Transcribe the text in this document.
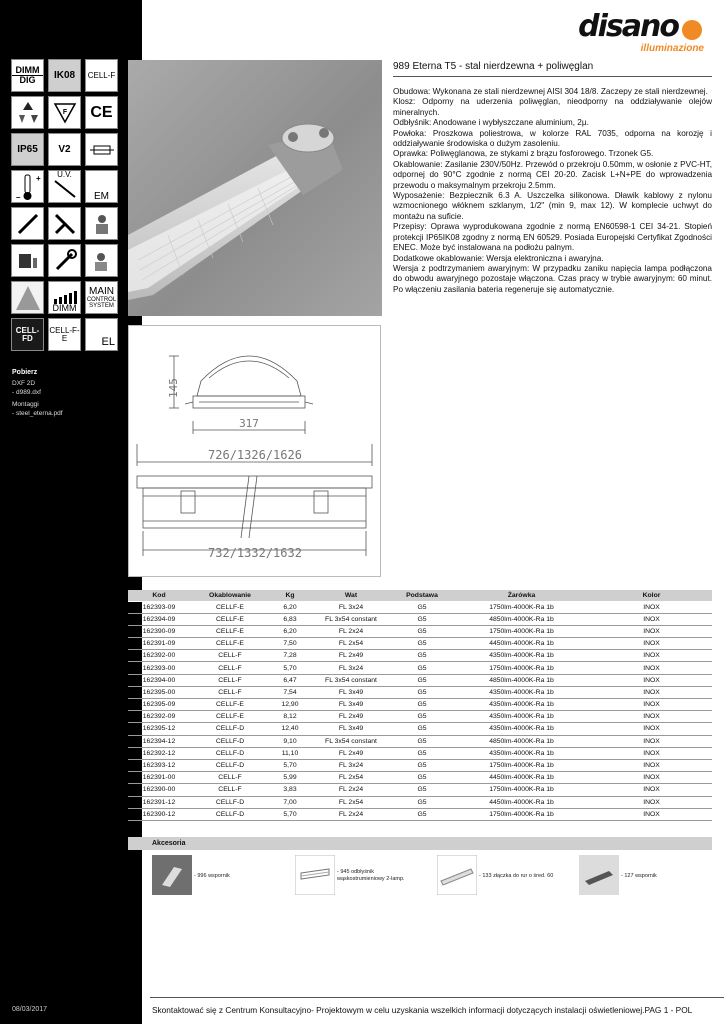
DIMM
DIG	IK08 CELL-F
F CE
IP65 V2
+
–
U.V.
EM
DIMM
MAIN
CONTROL
SYSTEM
CELL-FD
CELL-F-E	EL
Pobierz
DXF 2D
- d989.dxf
Montaggi
- steel_eterna.pdf
08/03/2017
disano
illuminazione
989 Eterna T5 - stal nierdzewna + poliwęglan

Obudowa: Wykonana ze stali nierdzewnej AISI 304 18/8. Zaczepy ze stali nierdzewnej.

Klosz: Odporny na uderzenia poliwęglan, nieodporny na oddziaływanie olejów mineralnych.

Odbłyśnik: Anodowane i wybłyszczane aluminium, 2µ.

Powłoka: Proszkowa poliestrowa, w kolorze RAL 7035, odporna na korozję i oddziaływanie środowiska o dużym zasoleniu.

Oprawka: Poliwęglanowa, ze stykami z brązu fosforowego. Trzonek G5.

Okablowanie: Zasilanie 230V/50Hz. Przewód o przekroju 0.50mm, w osłonie z PVC-HT, odpornej do 90°C zgodnie z normą CEI 20-20. Zacisk L+N+PE do wprowadzenia przewodu o maksymalnym przekroju 2.5mm.

Wyposażenie: Bezpiecznik 6.3 A. Uszczelka silikonowa. Dławik kablowy z nylonu wzmocnionego włóknem szklanym, 1/2" (min 9, max 12). W komplecie uchwyt do montażu na suficie.

Przepisy: Oprawa wyprodukowana zgodnie z normą EN60598-1 CEI 34-21. Stopień protekcji IP65IK08 zgodny z normą EN 60529. Posiada Europejski Certyfikat Zgodności ENEC. Może być instalowana na podłożu palnym.

Dodatkowe okablowanie: Wersja elektroniczna i awaryjna.

Wersja z podtrzymaniem awaryjnym: W przypadku zaniku napięcia lampa podłączona do obwodu awaryjnego pozostaje włączona. Czas pracy w trybie awaryjnym: 60 minut. Po włączeniu zasilania bateria regeneruje się automatycznie.

145
317
726/1326/1626
732/1332/1632
Kod	Okablowanie	Kg	Wat	Podstawa	Żarówka	Kolor
162393-09	CELLF-E	6,20	FL 3x24	G5	1750lm-4000K-Ra 1b	INOX
162394-09	CELLF-E	6,83	FL 3x54 constant	G5	4850lm-4000K-Ra 1b	INOX
162390-09	CELLF-E	6,20	FL 2x24	G5	1750lm-4000K-Ra 1b	INOX
162391-09	CELLF-E	7,50	FL 2x54	G5	4450lm-4000K-Ra 1b	INOX
162392-00	CELL-F	7,28	FL 2x49	G5	4350lm-4000K-Ra 1b	INOX
162393-00	CELL-F	5,70	FL 3x24	G5	1750lm-4000K-Ra 1b	INOX
162394-00	CELL-F	6,47	FL 3x54 constant	G5	4850lm-4000K-Ra 1b	INOX
162395-00	CELL-F	7,54	FL 3x49	G5	4350lm-4000K-Ra 1b	INOX
162395-09	CELLF-E	12,90	FL 3x49	G5	4350lm-4000K-Ra 1b	INOX
162392-09	CELLF-E	8,12	FL 2x49	G5	4350lm-4000K-Ra 1b	INOX
162395-12	CELLF-D	12,40	FL 3x49	G5	4350lm-4000K-Ra 1b	INOX
162394-12	CELLF-D	9,10	FL 3x54 constant	G5	4850lm-4000K-Ra 1b	INOX
162392-12	CELLF-D	11,10	FL 2x49	G5	4350lm-4000K-Ra 1b	INOX
162393-12	CELLF-D	5,70	FL 3x24	G5	1750lm-4000K-Ra 1b	INOX
162391-00	CELL-F	5,99	FL 2x54	G5	4450lm-4000K-Ra 1b	INOX
162390-00	CELL-F	3,83	FL 2x24	G5	1750lm-4000K-Ra 1b	INOX
162391-12	CELLF-D	7,00	FL 2x54	G5	4450lm-4000K-Ra 1b	INOX
162390-12	CELLF-D	5,70	FL 2x24	G5	1750lm-4000K-Ra 1b	INOX
Akcesoria
- 996 wspornik
- 945 odbłyśnik wąskostrumieniowy 2-lamp.	- 133 złączka do rur o śred. 60	- 127 wspornik
Skontaktować się z Centrum Konsultacyjno- Projektowym w celu uzyskania wszelkich informacji dotyczących instalacji oświetleniowej.PAG 1 - POL
